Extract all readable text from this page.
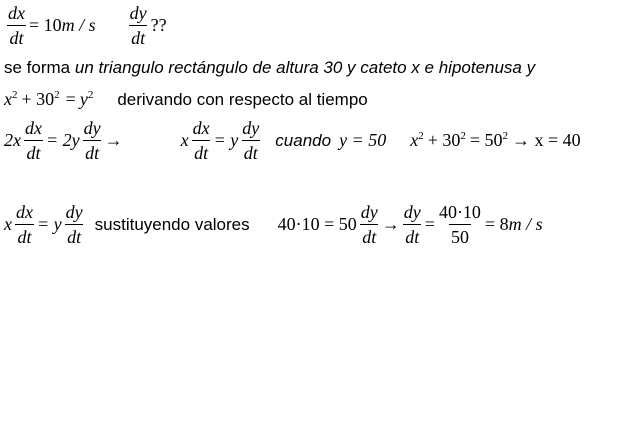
$\frac{dx}{dt} = 10$ m / s $\frac{dy}{dt}$ ??
se forma un triangulo rectángulo de altura 30 y cateto x e hipotenusa y
$x^2 + 30^2 = y^2$ derivando con respecto al tiempo
$2x \frac{dx}{dt} = 2y \frac{dy}{dt}$ →	x $\frac{dx}{dt} = y \frac{dy}{dt}$ cuando y = 50 $x^2 + 30^2 = 50^2 \to x = 40$
x $\frac{dx}{dt} = y \frac{dy}{dt}$ sustituyendo valores $40\cdot 10 = 50 \frac{dy}{dt} \to \frac{dy}{dt} = \frac{40\cdot 10}{50} = 8$ m / s
